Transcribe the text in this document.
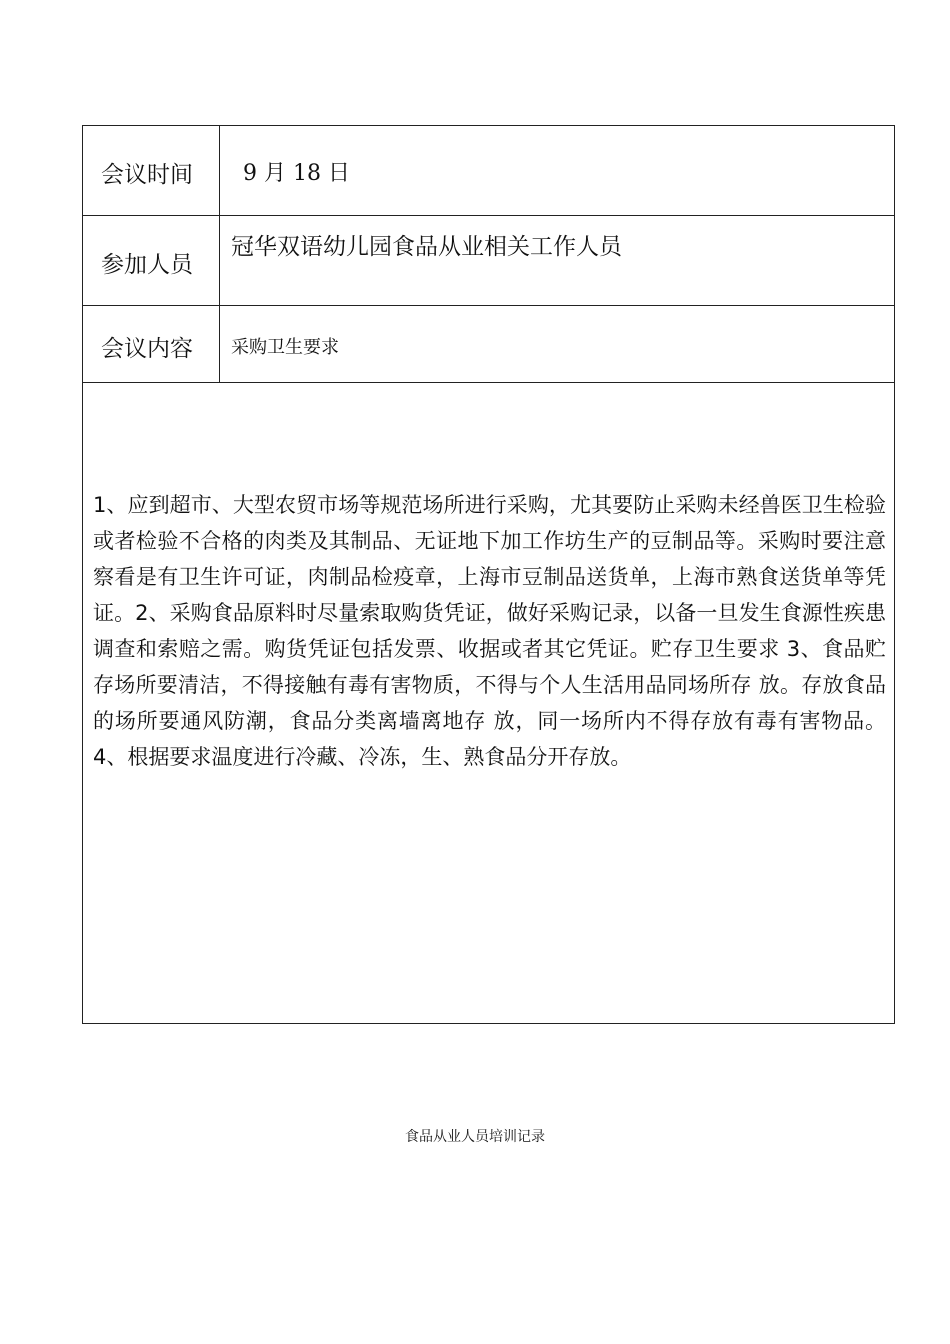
会议时间 9 月 18 日
参加人员
冠华双语幼儿园食品从业相关工作人员
会议内容 采购卫生要求

1、应到超市、大型农贸市场等规范场所进行采购，尤其要防止采购未经兽医卫生检验或者检验不合格的肉类及其制品、无证地下加工作坊生产的豆制品等。采购时要注意察看是有卫生许可证，肉制品检疫章，上海市豆制品送货单，上海市熟食送货单等凭证。2、采购食品原料时尽量索取购货凭证，做好采购记录，以备一旦发生食源性疾患调查和索赔之需。购货凭证包括发票、收据或者其它凭证。贮存卫生要求 3、食品贮存场所要清洁，不得接触有毒有害物质，不得与个人生活用品同场所存 放。存放食品的场所要通风防潮，食品分类离墙离地存 放，同一场所内不得存放有毒有害物品。4、根据要求温度进行冷藏、冷冻，生、熟食品分开存放。

食品从业人员培训记录
